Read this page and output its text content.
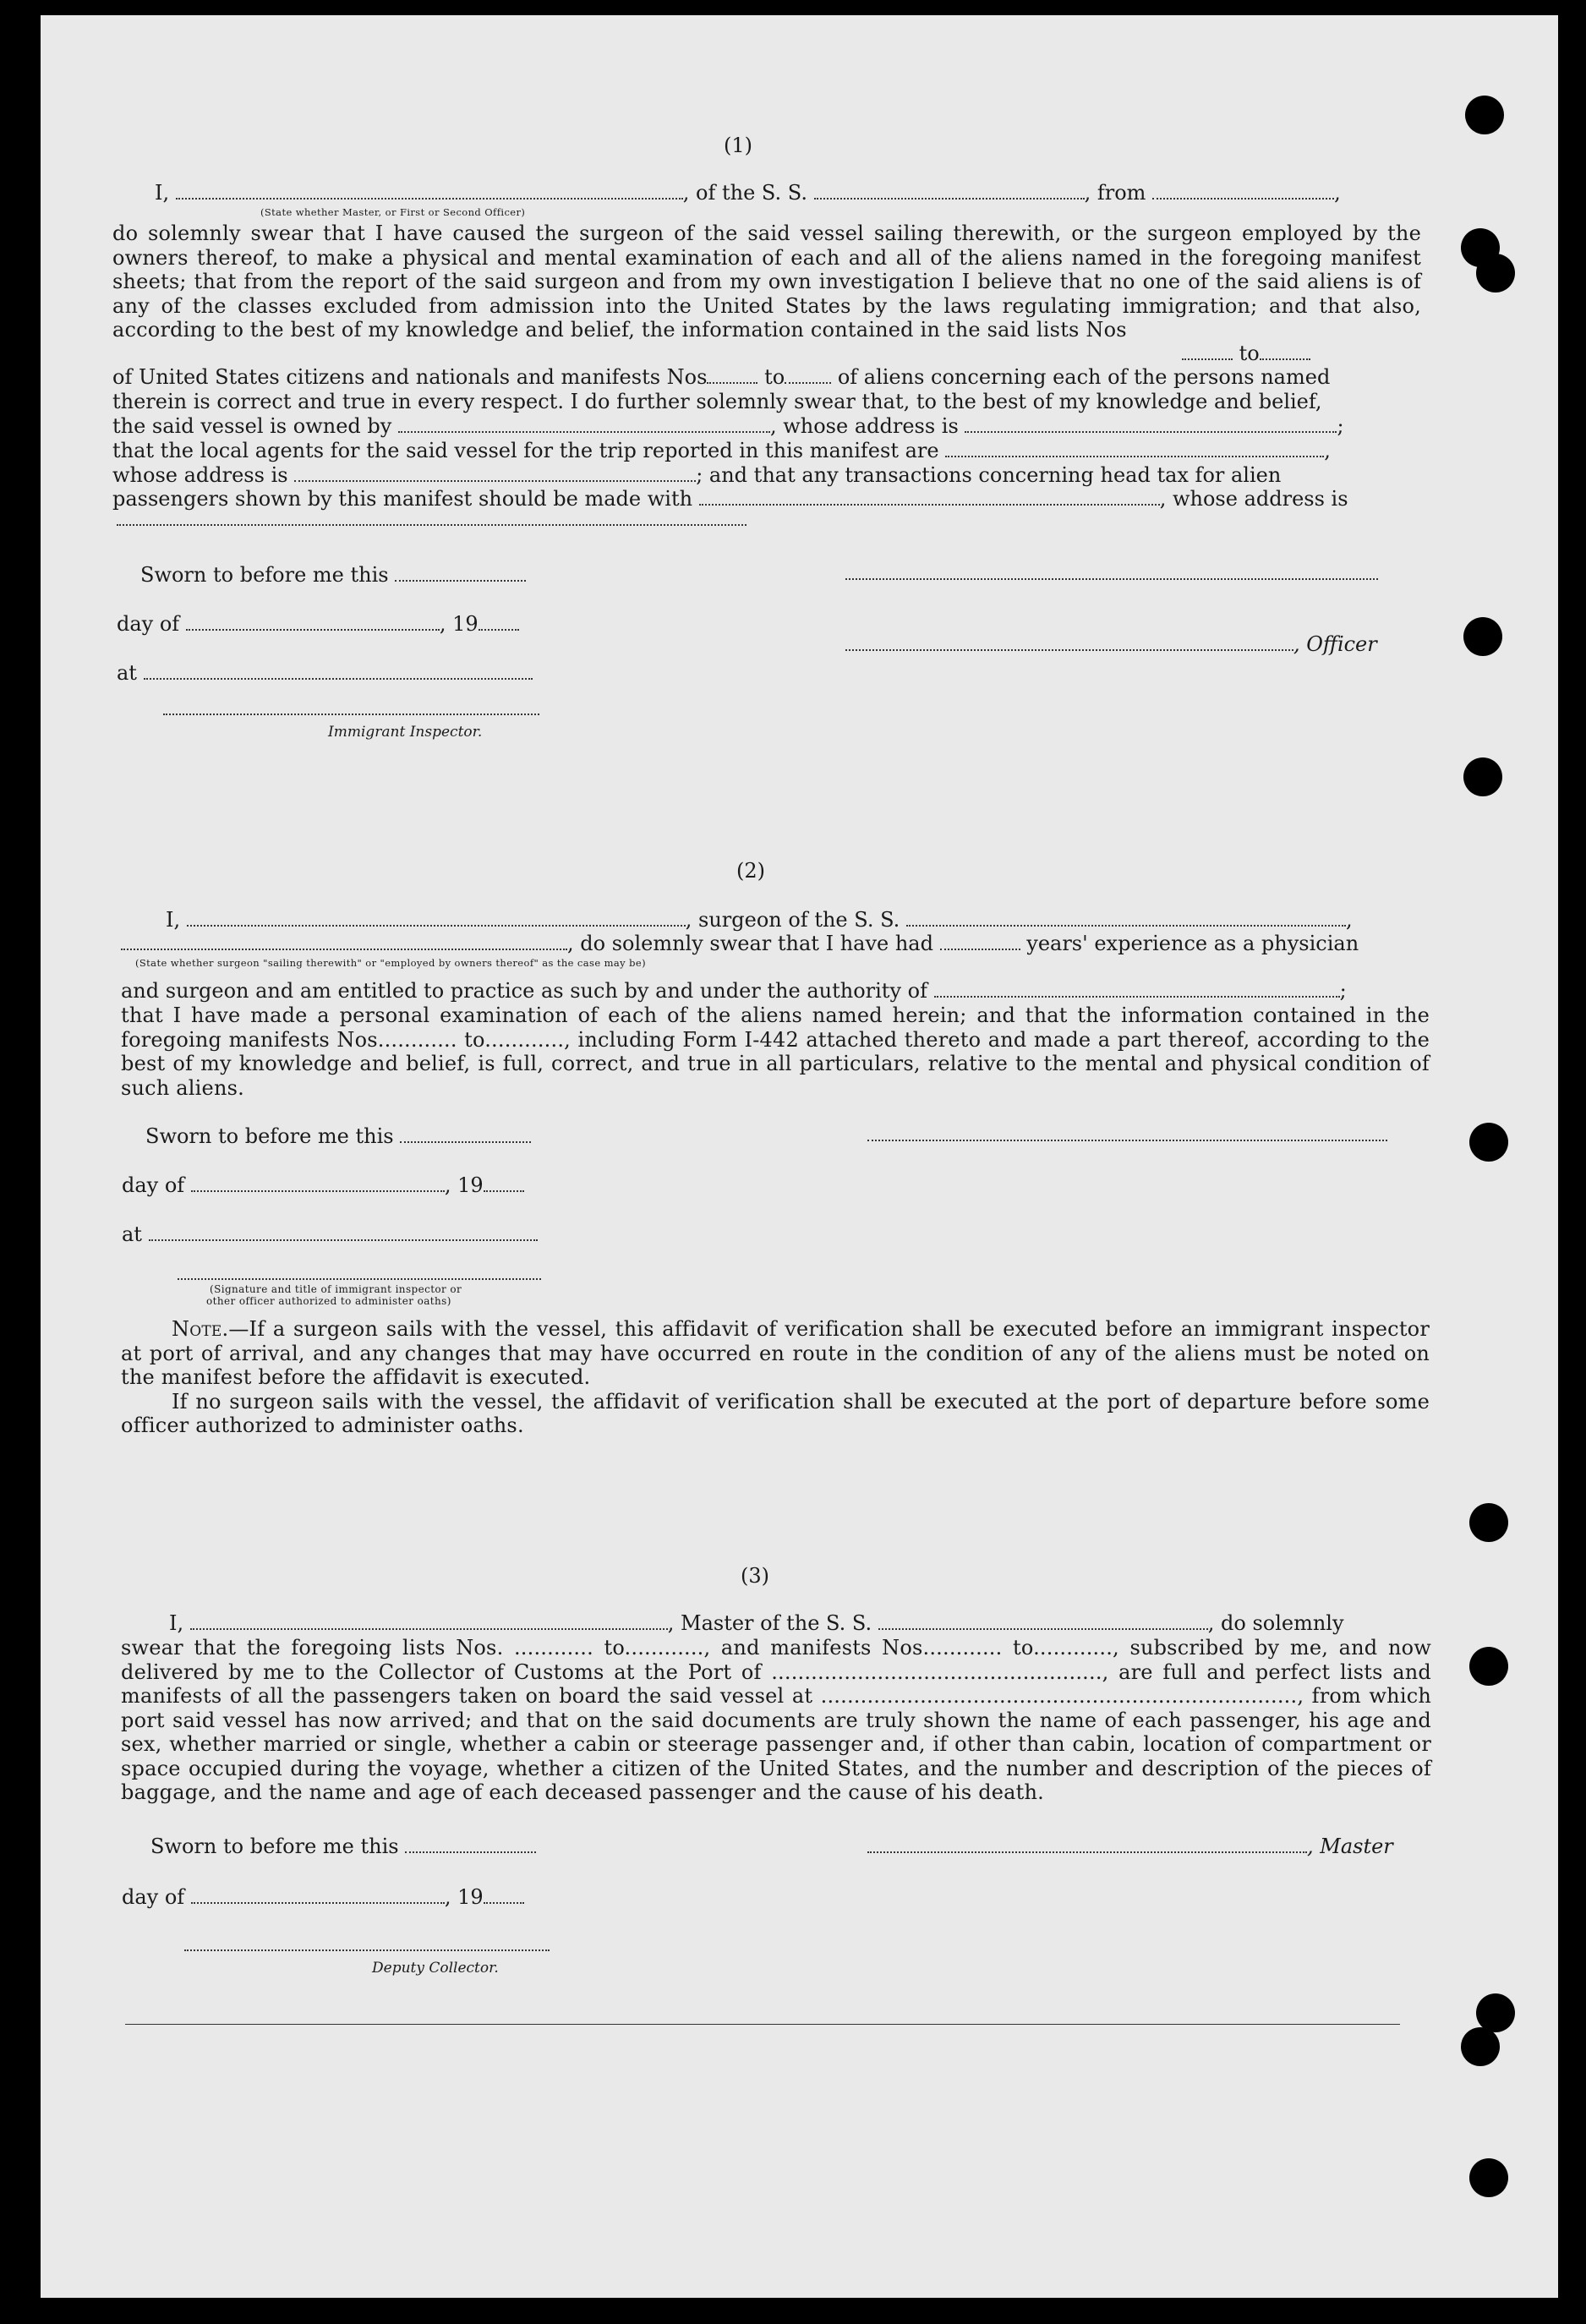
(1)
I,	, of the S. S.	, from	,
(State whether Master, or First or Second Officer)
do solemnly swear that I have caused the surgeon of the said vessel sailing therewith, or the surgeon employed by the owners thereof, to make a physical and mental examination of each and all of the aliens named in the foregoing manifest sheets; that from the report of the said surgeon and from my own investigation I believe that no one of the said aliens is of any of the classes excluded from admission into the United States by the laws regulating immigration; and that also, according to the best of my knowledge and belief, the information contained in the said lists Nos
to
of United States citizens and nationals and manifests Nos	to	of aliens concerning each of the persons named
therein is correct and true in every respect. I do further solemnly swear that, to the best of my knowledge and belief,
the said vessel is owned by	, whose address is	;
that the local agents for the said vessel for the trip reported in this manifest are	,
whose address is	; and that any transactions concerning head tax for alien
passengers shown by this manifest should be made with	, whose address is
Sworn to before me this
day of	, 19
, Officer
at
Immigrant Inspector.
(2)
I,	, surgeon of the S. S.	,
, do solemnly swear that I have had	years' experience as a physician
(State whether surgeon "sailing therewith" or "employed by owners thereof" as the case may be)
and surgeon and am entitled to practice as such by and under the authority of	;
that I have made a personal examination of each of the aliens named herein; and that the information contained in the foregoing manifests Nos............ to............, including Form I-442 attached thereto and made a part thereof, according to the best of my knowledge and belief, is full, correct, and true in all particulars, relative to the mental and physical condition of such aliens.
Sworn to before me this
day of	, 19
at
(Signature and title of immigrant inspector or
other officer authorized to administer oaths)

Note.—If a surgeon sails with the vessel, this affidavit of verification shall be executed before an immigrant inspector at port of arrival, and any changes that may have occurred en route in the condition of any of the aliens must be noted on the manifest before the affidavit is executed.

If no surgeon sails with the vessel, the affidavit of verification shall be executed at the port of departure before some officer authorized to administer oaths.

(3)
I,	, Master of the S. S.	, do solemnly
swear that the foregoing lists Nos. ............ to............, and manifests Nos............ to............, subscribed by me, and now delivered by me to the Collector of Customs at the Port of .................................................., are full and perfect lists and manifests of all the passengers taken on board the said vessel at ........................................................................, from which port said vessel has now arrived; and that on the said documents are truly shown the name of each passenger, his age and sex, whether married or single, whether a cabin or steerage passenger and, if other than cabin, location of compartment or space occupied during the voyage, whether a citizen of the United States, and the number and description of the pieces of baggage, and the name and age of each deceased passenger and the cause of his death.
Sworn to before me this	, Master
day of	, 19
Deputy Collector.
